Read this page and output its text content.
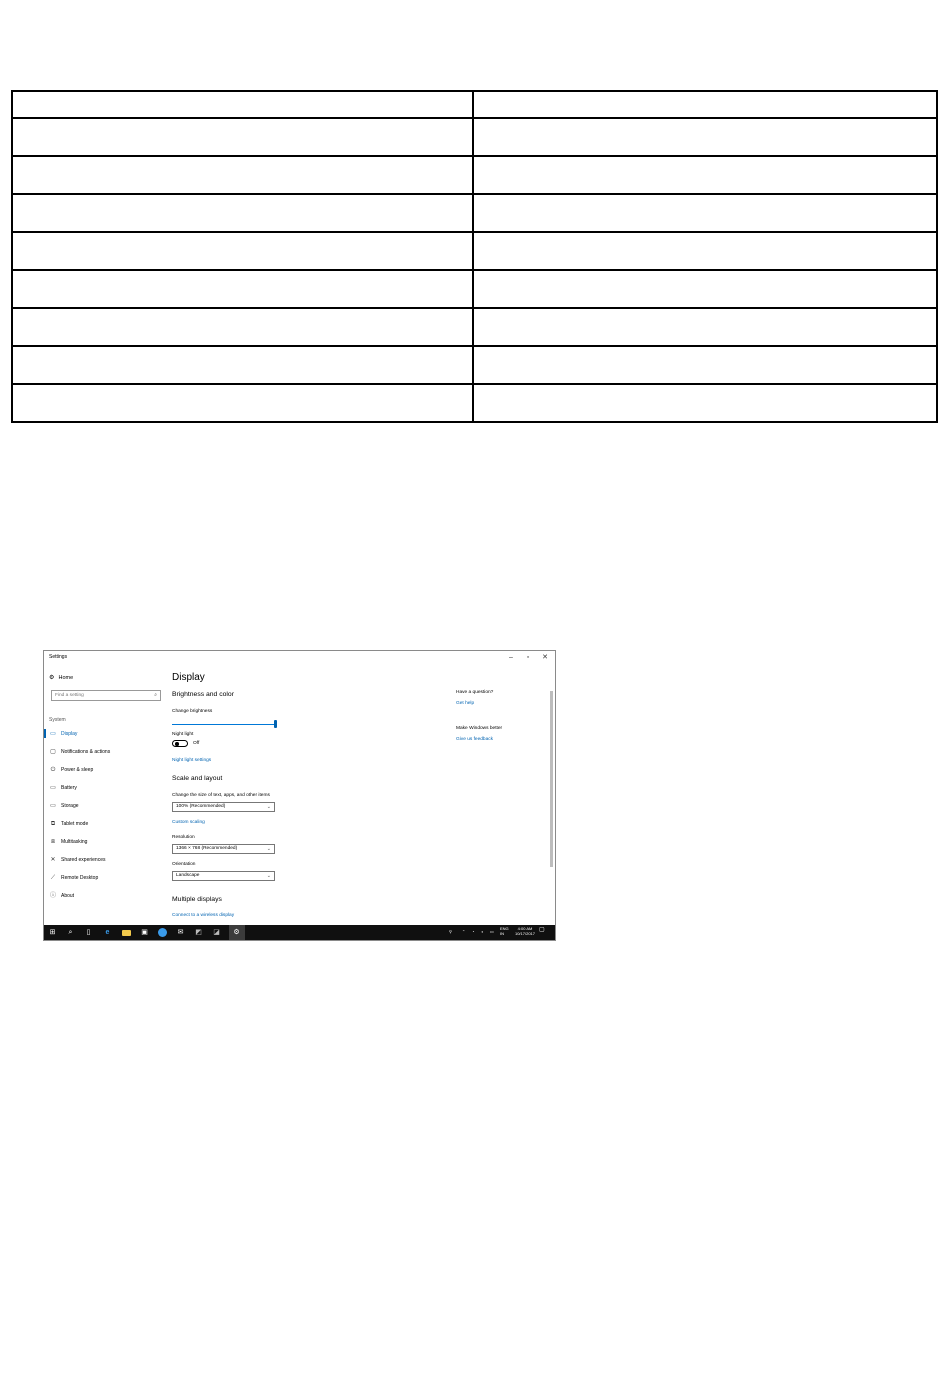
Settings	–	▫	✕
⚙ Home
Find a setting	⌕
System
▭ Display
▢ Notifications & actions
⏻	Power & sleep
▭ Battery
▭ Storage
⧉	Tablet mode
⧈	Multitasking
✕ Shared experiences
⟋	Remote Desktop
ⓘ About
Display
Brightness and color
Change brightness
Night light
Off
Night light settings
Scale and layout
Change the size of text, apps, and other items
100% (Recommended)	⌄
Custom scaling
Resolution
1366 × 768 (Recommended)	⌄
Orientation
Landscape	⌄
Multiple displays
Connect to a wireless display
Have a question?
Get help
Make Windows better
Give us feedback
⊞	⌕	▯	e	▣	✉ ◩ ◪ ⚙	⚲	⌃ ◔ ◖ ▭
ENG
IN
4:00 AM
10/17/2017
▢
